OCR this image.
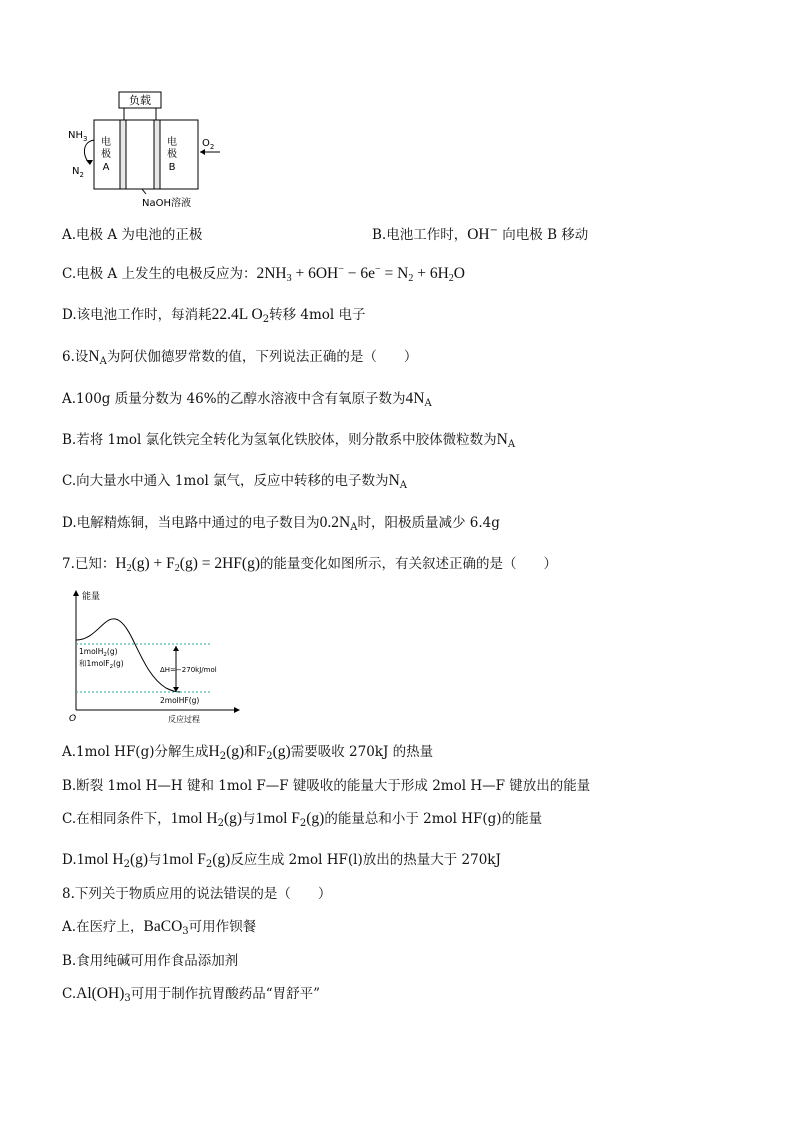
负载
$NH_3$
$N_2$
电
极
A
电
极
B
$O_2$
NaOH溶液
A.电极 A 为电池的正极	B.电池工作时，OH− 向电极 B 移动
C.电极 A 上发生的电极反应为：$2NH_3 + 6OH^- - 6e^- = N_2 + 6H_2O$
D.该电池工作时，每消耗22.4L $O_2$转移 4mol 电子
6.设$N_A$为阿伏伽德罗常数的值，下列说法正确的是（　　）
A.100g 质量分数为 46%的乙醇水溶液中含有氧原子数为$4N_A$
B.若将 1mol 氯化铁完全转化为氢氧化铁胶体，则分散系中胶体微粒数为$N_A$
C.向大量水中通入 1mol 氯气，反应中转移的电子数为$N_A$
D.电解精炼铜，当电路中通过的电子数目为$0.2N_A$时，阳极质量减少 6.4g
7.已知：$H_2(g) + F_2(g) = 2HF(g)$的能量变化如图所示，有关叙述正确的是（　　）
能量
1molH$_2$(g)
和1molF$_2$(g)
ΔH=−270kJ/mol
2molHF(g)
O	反应过程
A.1mol HF(g)分解生成$H_2(g)$和$F_2(g)$需要吸收 270kJ 的热量
B.断裂 1mol H—H 键和 1mol F—F 键吸收的能量大于形成 2mol H—F 键放出的能量
C.在相同条件下，1mol $H_2(g)$与1mol $F_2(g)$的能量总和小于 2mol HF(g)的能量
D.1mol $H_2(g)$与1mol $F_2(g)$反应生成 2mol HF(l)放出的热量大于 270kJ
8.下列关于物质应用的说法错误的是（　　）
A.在医疗上，BaCO$_3$可用作钡餐
B.食用纯碱可用作食品添加剂
$C.Al(OH)_3$可用于制作抗胃酸药品“胃舒平”
